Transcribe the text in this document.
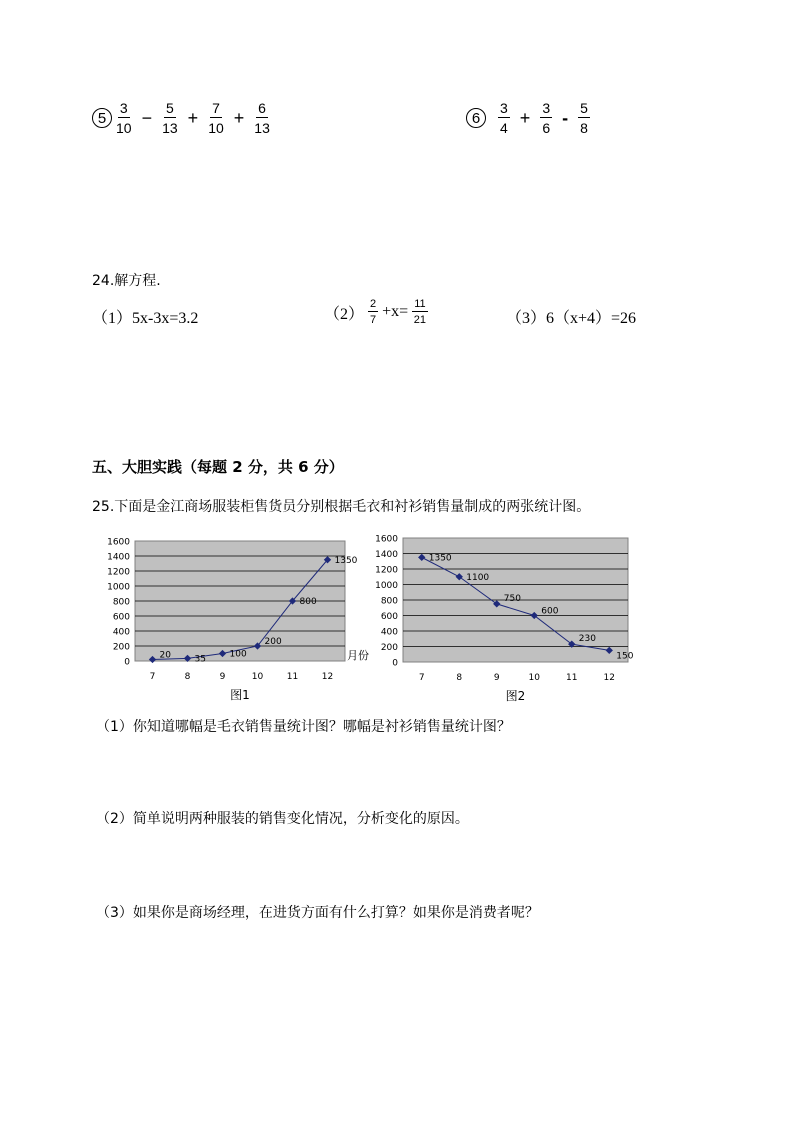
$5 \frac{3}{10} - \frac{5}{13} + \frac{7}{10} + \frac{6}{13}$	6	$\frac{3}{4} + \frac{3}{6} - \frac{5}{8}$
24.解方程.
（1）5x-3x=3.2	$(2) \frac{2}{7} +x= \frac{11}{21}$	（3）6（x+4）=26
五、大胆实践（每题 2 分，共 6 分）
25.下面是金江商场服装柜售货员分别根据毛衣和衬衫销售量制成的两张统计图。
0
200
400
600
800
1000
1200
1400
1600
7	8	9	10	11	12
20	35	100
200
800
1350
月份
图1
0
200
400
600
800
1000
1200
1400
1600
7	8	9	10	11	12
1350
1100
750
600
230
150
图2
（1）你知道哪幅是毛衣销售量统计图？哪幅是衬衫销售量统计图？
（2）简单说明两种服装的销售变化情况，分析变化的原因。
（3）如果你是商场经理，在进货方面有什么打算？如果你是消费者呢？
